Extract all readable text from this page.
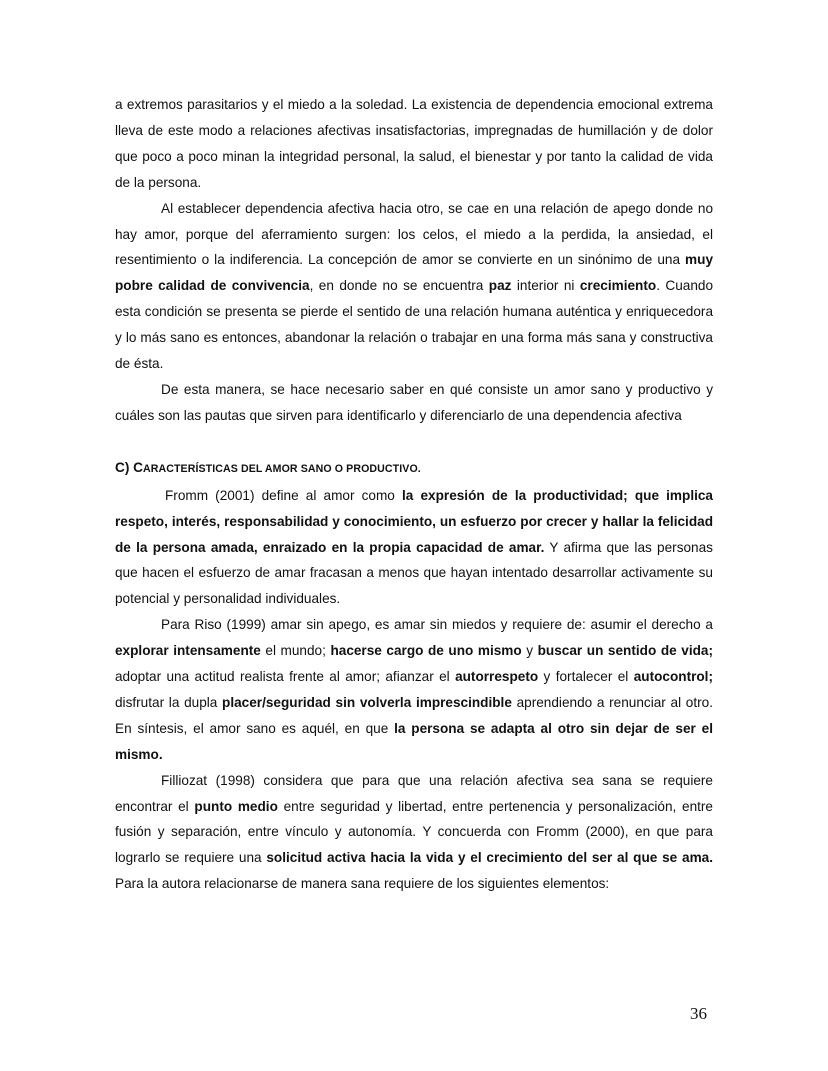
a extremos parasitarios y el miedo a la soledad. La existencia de dependencia emocional extrema lleva de este modo a relaciones afectivas insatisfactorias, impregnadas de humillación y de dolor que poco a poco minan la integridad personal, la salud, el bienestar y por tanto la calidad de vida de la persona.

Al establecer dependencia afectiva hacia otro, se cae en una relación de apego donde no hay amor, porque del aferramiento surgen: los celos, el miedo a la perdida, la ansiedad, el resentimiento o la indiferencia. La concepción de amor se convierte en un sinónimo de una muy pobre calidad de convivencia, en donde no se encuentra paz interior ni crecimiento. Cuando esta condición se presenta se pierde el sentido de una relación humana auténtica y enriquecedora y lo más sano es entonces, abandonar la relación o trabajar en una forma más sana y constructiva de ésta.

De esta manera, se hace necesario saber en qué consiste un amor sano y productivo y cuáles son las pautas que sirven para identificarlo y diferenciarlo de una dependencia afectiva

C) CARACTERÍSTICAS DEL AMOR SANO O PRODUCTIVO.

Fromm (2001) define al amor como la expresión de la productividad; que implica respeto, interés, responsabilidad y conocimiento, un esfuerzo por crecer y hallar la felicidad de la persona amada, enraizado en la propia capacidad de amar. Y afirma que las personas que hacen el esfuerzo de amar fracasan a menos que hayan intentado desarrollar activamente su potencial y personalidad individuales.

Para Riso (1999) amar sin apego, es amar sin miedos y requiere de: asumir el derecho a explorar intensamente el mundo; hacerse cargo de uno mismo y buscar un sentido de vida; adoptar una actitud realista frente al amor; afianzar el autorrespeto y fortalecer el autocontrol; disfrutar la dupla placer/seguridad sin volverla imprescindible aprendiendo a renunciar al otro. En síntesis, el amor sano es aquél, en que la persona se adapta al otro sin dejar de ser el mismo.

Filliozat (1998) considera que para que una relación afectiva sea sana se requiere encontrar el punto medio entre seguridad y libertad, entre pertenencia y personalización, entre fusión y separación, entre vínculo y autonomía. Y concuerda con Fromm (2000), en que para lograrlo se requiere una solicitud activa hacia la vida y el crecimiento del ser al que se ama. Para la autora relacionarse de manera sana requiere de los siguientes elementos:

36
